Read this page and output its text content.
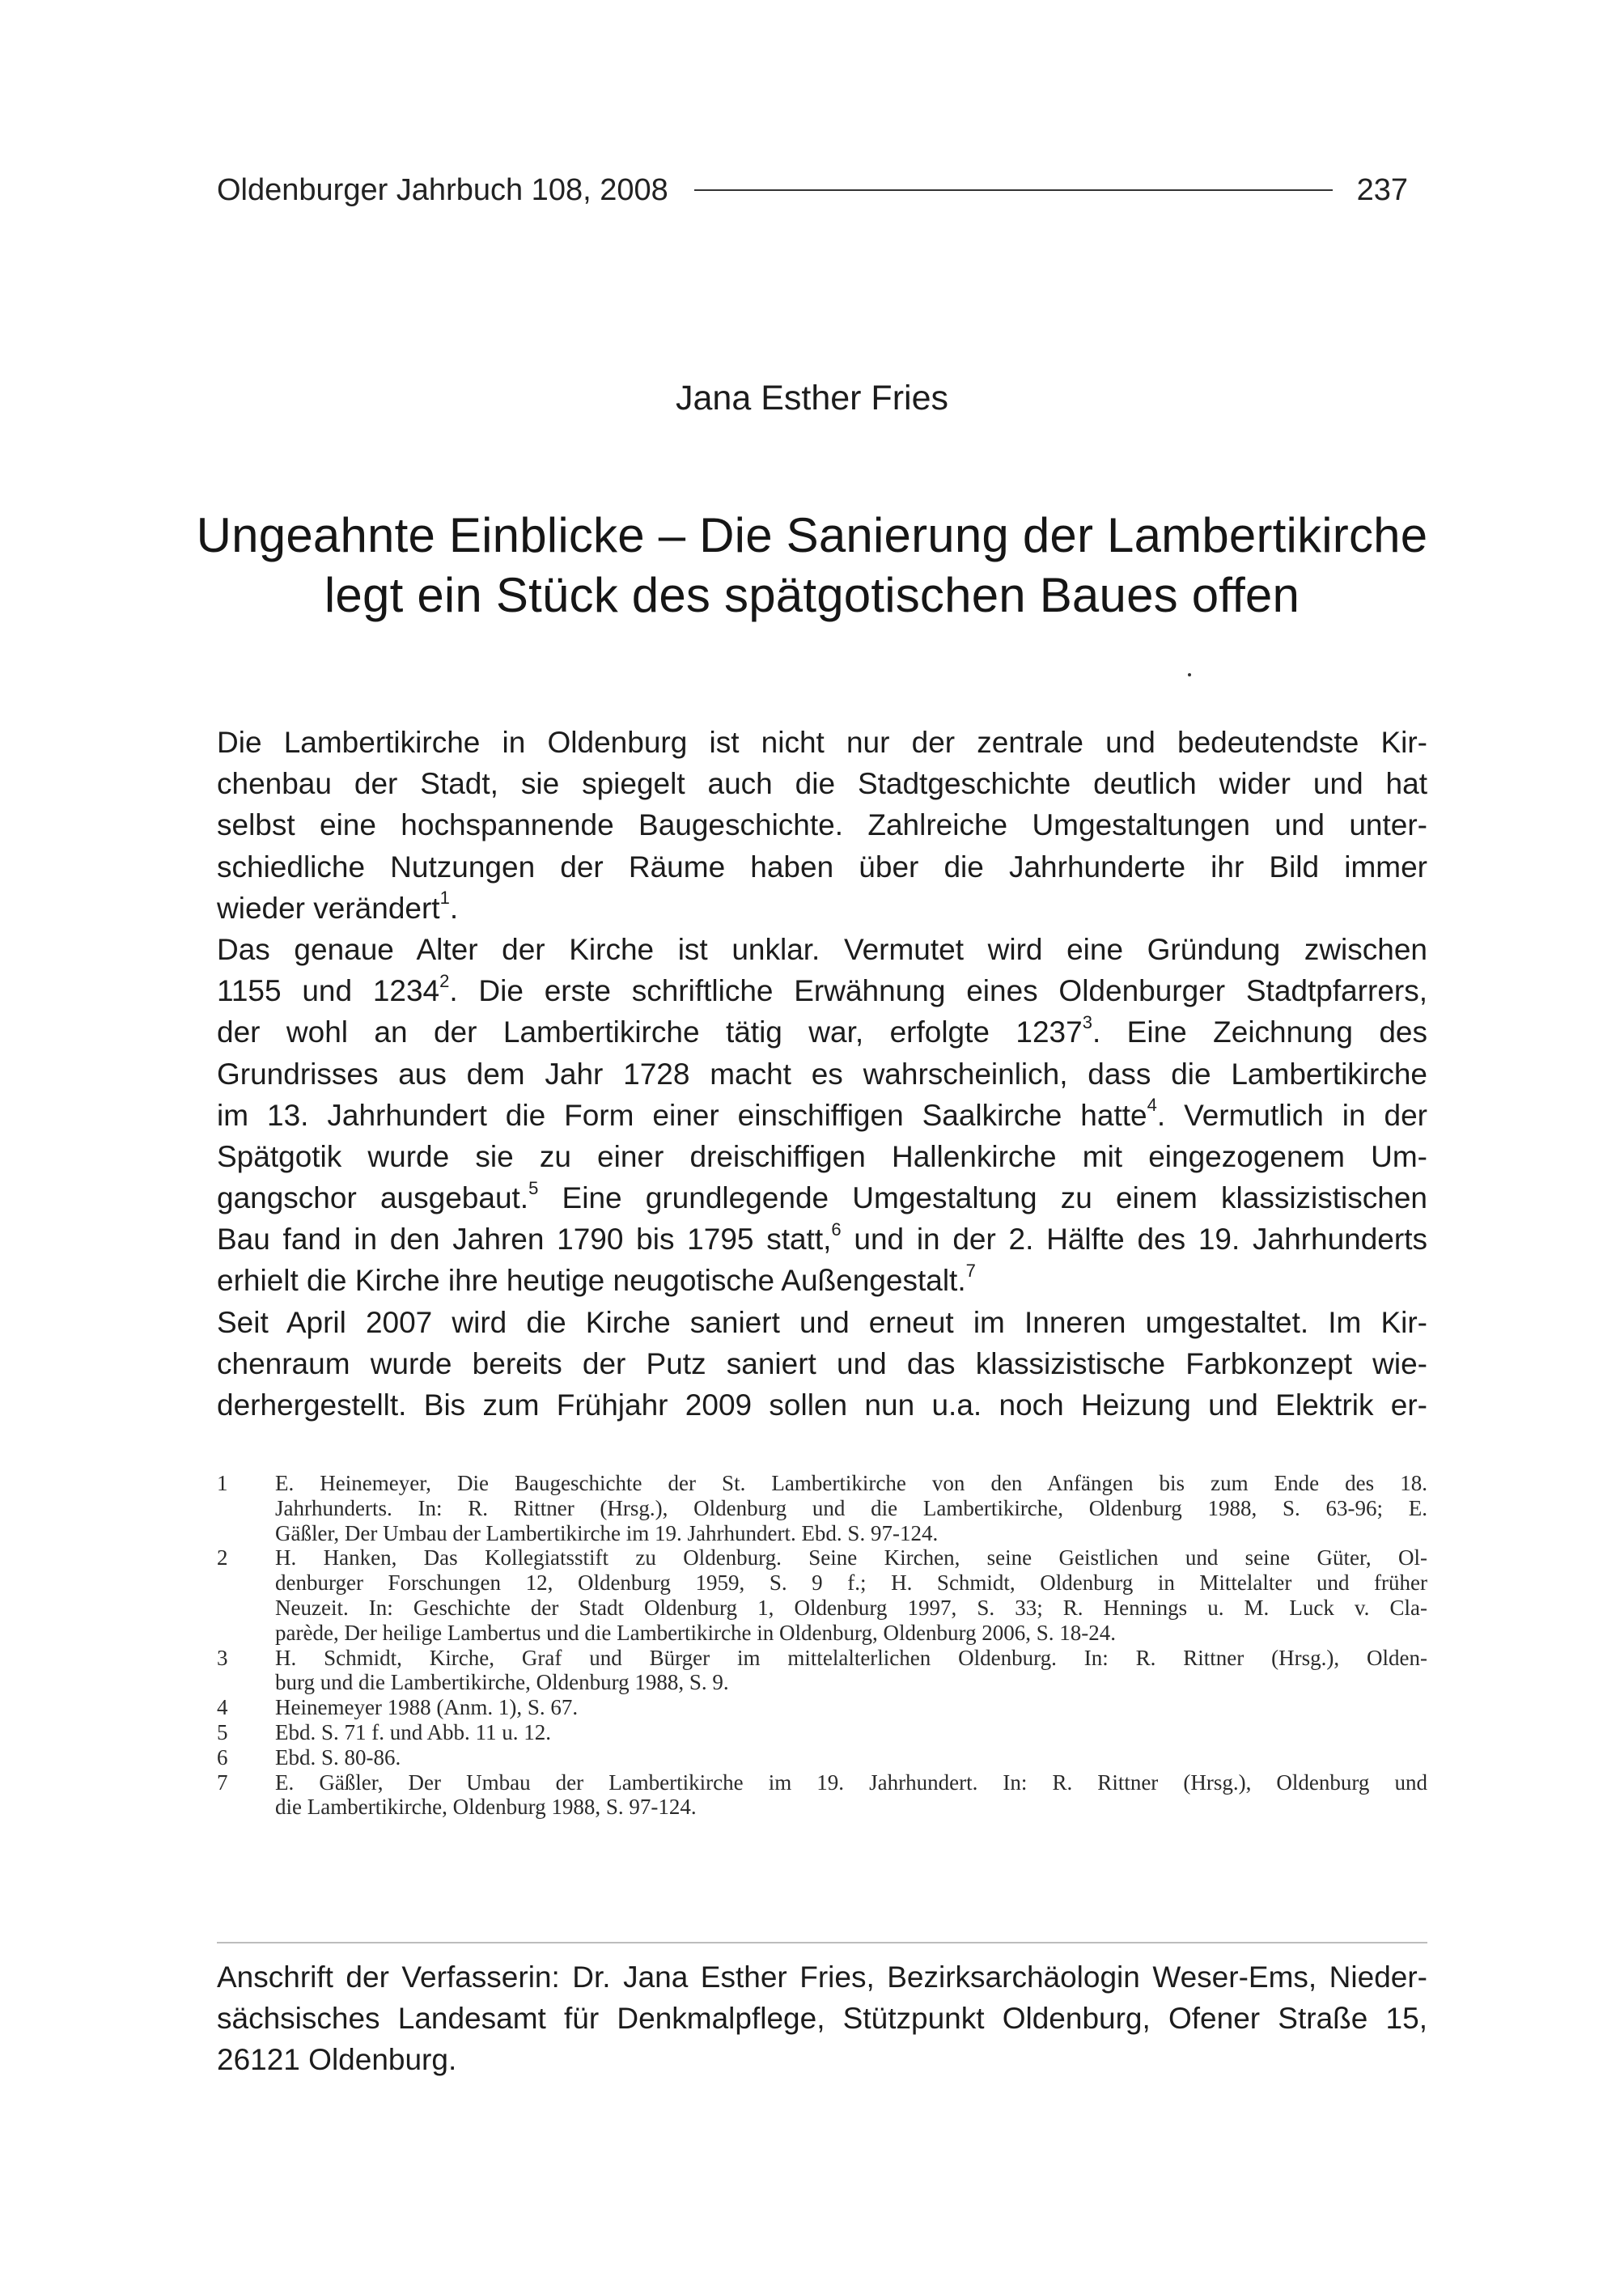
Oldenburger Jahrbuch 108, 2008	237
Jana Esther Fries
Ungeahnte Einblicke – Die Sanierung der Lambertikirche
legt ein Stück des spätgotischen Baues offen
Die Lambertikirche in Oldenburg ist nicht nur der zentrale und bedeutendste Kir-
chenbau der Stadt, sie spiegelt auch die Stadtgeschichte deutlich wider und hat
selbst eine hochspannende Baugeschichte. Zahlreiche Umgestaltungen und unter-
schiedliche Nutzungen der Räume haben über die Jahrhunderte ihr Bild immer
wieder verändert$^1$.
Das genaue Alter der Kirche ist unklar. Vermutet wird eine Gründung zwischen
1155 und 1234$^2$. Die erste schriftliche Erwähnung eines Oldenburger Stadtpfarrers,
der wohl an der Lambertikirche tätig war, erfolgte 1237$^3$. Eine Zeichnung des
Grundrisses aus dem Jahr 1728 macht es wahrscheinlich, dass die Lambertikirche
im 13. Jahrhundert die Form einer einschiffigen Saalkirche hatte$^4$. Vermutlich in der
Spätgotik wurde sie zu einer dreischiffigen Hallenkirche mit eingezogenem Um-
gangschor ausgebaut.$^5$ Eine grundlegende Umgestaltung zu einem klassizistischen
Bau fand in den Jahren 1790 bis 1795 statt,$^6$ und in der 2. Hälfte des 19. Jahrhunderts
erhielt die Kirche ihre heutige neugotische Außengestalt.$^7$
Seit April 2007 wird die Kirche saniert und erneut im Inneren umgestaltet. Im Kir-
chenraum wurde bereits der Putz saniert und das klassizistische Farbkonzept wie-
derhergestellt. Bis zum Frühjahr 2009 sollen nun u.a. noch Heizung und Elektrik er-
1 E. Heinemeyer, Die Baugeschichte der St. Lambertikirche von den Anfängen bis zum Ende des 18.
Jahrhunderts. In: R. Rittner (Hrsg.), Oldenburg und die Lambertikirche, Oldenburg 1988, S. 63-96; E.
Gäßler, Der Umbau der Lambertikirche im 19. Jahrhundert. Ebd. S. 97-124.
2 H. Hanken, Das Kollegiatsstift zu Oldenburg. Seine Kirchen, seine Geistlichen und seine Güter, Ol-
denburger Forschungen 12, Oldenburg 1959, S. 9 f.; H. Schmidt, Oldenburg in Mittelalter und früher
Neuzeit. In: Geschichte der Stadt Oldenburg 1, Oldenburg 1997, S. 33; R. Hennings u. M. Luck v. Cla-
parède, Der heilige Lambertus und die Lambertikirche in Oldenburg, Oldenburg 2006, S. 18-24.
3 H. Schmidt, Kirche, Graf und Bürger im mittelalterlichen Oldenburg. In: R. Rittner (Hrsg.), Olden-
burg und die Lambertikirche, Oldenburg 1988, S. 9.
4 Heinemeyer 1988 (Anm. 1), S. 67.
5 Ebd. S. 71 f. und Abb. 11 u. 12.
6 Ebd. S. 80-86.
7 E. Gäßler, Der Umbau der Lambertikirche im 19. Jahrhundert. In: R. Rittner (Hrsg.), Oldenburg und
die Lambertikirche, Oldenburg 1988, S. 97-124.
Anschrift der Verfasserin: Dr. Jana Esther Fries, Bezirksarchäologin Weser-Ems, Nieder-
sächsisches Landesamt für Denkmalpflege, Stützpunkt Oldenburg, Ofener Straße 15,
26121 Oldenburg.
